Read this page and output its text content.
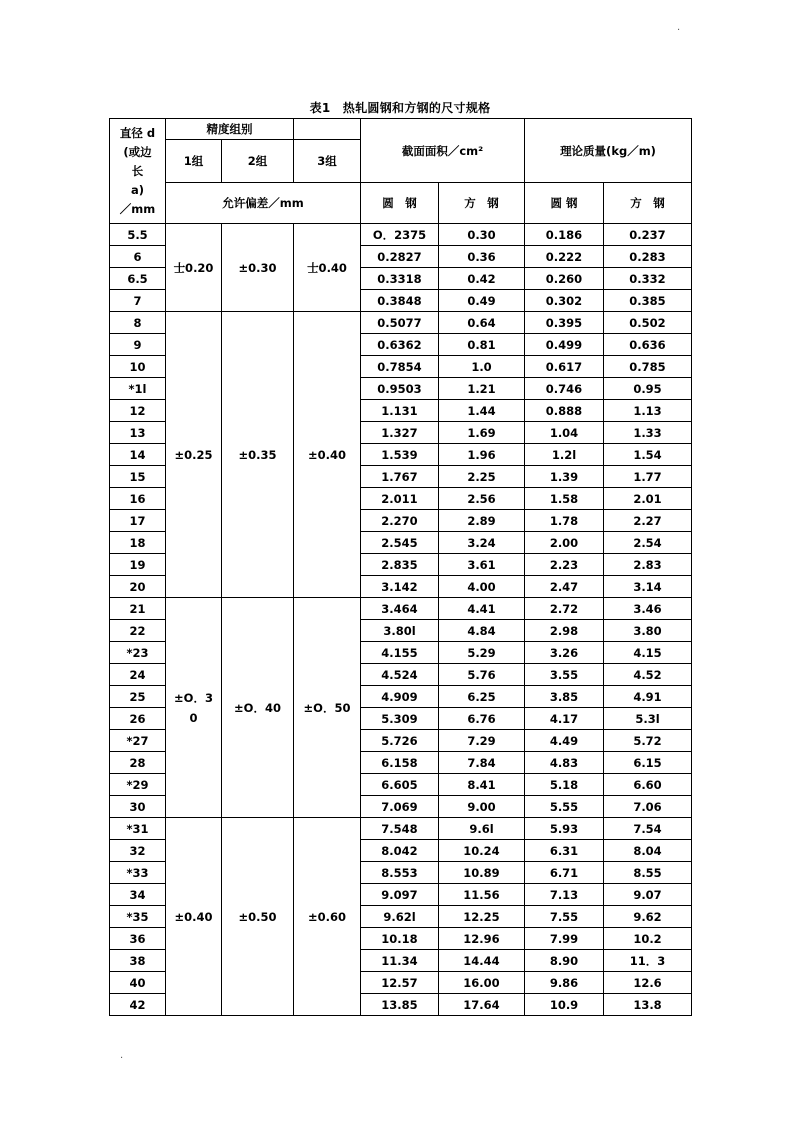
.
.
表1　热轧圆钢和方钢的尺寸规格
直径 d
(或边
长
a)
／mm	精度组别			截面面积／cm²		理论质量(kg／m)	
	1组	2组	3组				
	允许偏差／mm			圆　钢	方　钢	圆 钢	方　钢
5.5	士0.20	±0.30	士0.40	O．2375	0.30	0.186	0.237
6				0.2827	0.36	0.222	0.283
6.5				0.3318	0.42	0.260	0.332
7				0.3848	0.49	0.302	0.385
8	±0.25	±0.35	±0.40	0.5077	0.64	0.395	0.502
9				0.6362	0.81	0.499	0.636
10				0.7854	1.0	0.617	0.785
*1l				0.9503	1.21	0.746	0.95
12				1.131	1.44	0.888	1.13
13				1.327	1.69	1.04	1.33
14				1.539	1.96	1.2l	1.54
15				1.767	2.25	1.39	1.77
16				2.011	2.56	1.58	2.01
17				2.270	2.89	1.78	2.27
18				2.545	3.24	2.00	2.54
19				2.835	3.61	2.23	2.83
20				3.142	4.00	2.47	3.14
21	±O．3 0	±O．40	±O．50	3.464	4.41	2.72	3.46
22				3.80l	4.84	2.98	3.80
*23				4.155	5.29	3.26	4.15
24				4.524	5.76	3.55	4.52
25				4.909	6.25	3.85	4.91
26				5.309	6.76	4.17	5.3l
*27				5.726	7.29	4.49	5.72
28				6.158	7.84	4.83	6.15
*29				6.605	8.41	5.18	6.60
30				7.069	9.00	5.55	7.06
*31	±0.40	±0.50	±0.60	7.548	9.6l	5.93	7.54
32				8.042	10.24	6.31	8.04
*33				8.553	10.89	6.71	8.55
34				9.097	11.56	7.13	9.07
*35				9.62l	12.25	7.55	9.62
36				10.18	12.96	7.99	10.2
38				11.34	14.44	8.90	11．3
40				12.57	16.00	9.86	12.6
42				13.85	17.64	10.9	13.8
